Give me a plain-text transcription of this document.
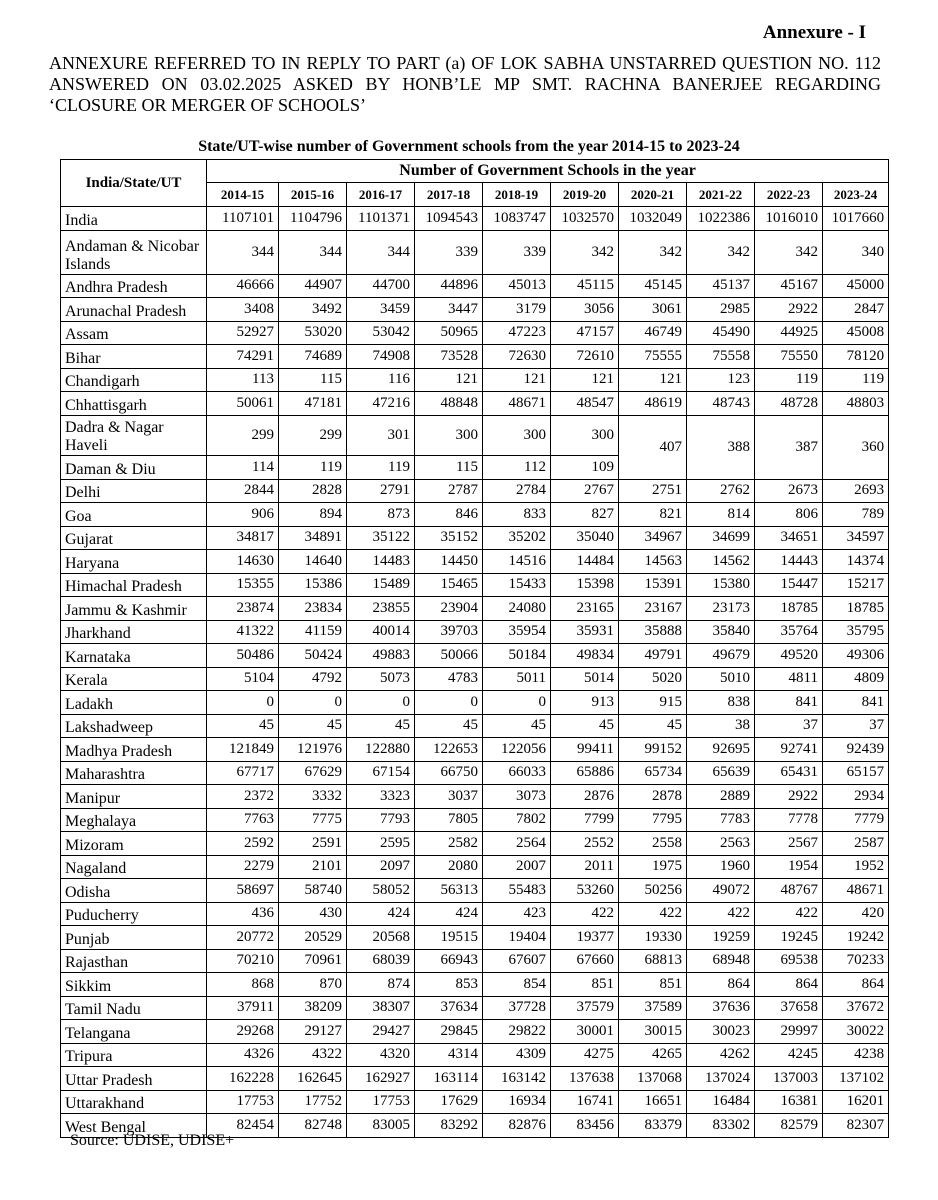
Annexure - I
ANNEXURE REFERRED TO IN REPLY TO PART (a) OF LOK SABHA UNSTARRED QUESTION NO. 112 ANSWERED ON 03.02.2025 ASKED BY HONB’LE MP SMT. RACHNA BANERJEE REGARDING ‘CLOSURE OR MERGER OF SCHOOLS’
State/UT-wise number of Government schools from the year 2014-15 to 2023-24
India/State/UT	Number of Government Schools in the year									
	2014-15	2015-16	2016-17	2017-18	2018-19	2019-20	2020-21	2021-22	2022-23	2023-24
India	1107101	1104796	1101371	1094543	1083747	1032570	1032049	1022386	1016010	1017660
Andaman & Nicobar Islands	344	344	344	339	339	342	342	342	342	340
Andhra Pradesh	46666	44907	44700	44896	45013	45115	45145	45137	45167	45000
Arunachal Pradesh	3408	3492	3459	3447	3179	3056	3061	2985	2922	2847
Assam	52927	53020	53042	50965	47223	47157	46749	45490	44925	45008
Bihar	74291	74689	74908	73528	72630	72610	75555	75558	75550	78120
Chandigarh	113	115	116	121	121	121	121	123	119	119
Chhattisgarh	50061	47181	47216	48848	48671	48547	48619	48743	48728	48803
Dadra & Nagar Haveli	299	299	301	300	300	300	407	388	387	360
Daman & Diu	114	119	119	115	112	109				
Delhi	2844	2828	2791	2787	2784	2767	2751	2762	2673	2693
Goa	906	894	873	846	833	827	821	814	806	789
Gujarat	34817	34891	35122	35152	35202	35040	34967	34699	34651	34597
Haryana	14630	14640	14483	14450	14516	14484	14563	14562	14443	14374
Himachal Pradesh	15355	15386	15489	15465	15433	15398	15391	15380	15447	15217
Jammu & Kashmir	23874	23834	23855	23904	24080	23165	23167	23173	18785	18785
Jharkhand	41322	41159	40014	39703	35954	35931	35888	35840	35764	35795
Karnataka	50486	50424	49883	50066	50184	49834	49791	49679	49520	49306
Kerala	5104	4792	5073	4783	5011	5014	5020	5010	4811	4809
Ladakh	0	0	0	0	0	913	915	838	841	841
Lakshadweep	45	45	45	45	45	45	45	38	37	37
Madhya Pradesh	121849	121976	122880	122653	122056	99411	99152	92695	92741	92439
Maharashtra	67717	67629	67154	66750	66033	65886	65734	65639	65431	65157
Manipur	2372	3332	3323	3037	3073	2876	2878	2889	2922	2934
Meghalaya	7763	7775	7793	7805	7802	7799	7795	7783	7778	7779
Mizoram	2592	2591	2595	2582	2564	2552	2558	2563	2567	2587
Nagaland	2279	2101	2097	2080	2007	2011	1975	1960	1954	1952
Odisha	58697	58740	58052	56313	55483	53260	50256	49072	48767	48671
Puducherry	436	430	424	424	423	422	422	422	422	420
Punjab	20772	20529	20568	19515	19404	19377	19330	19259	19245	19242
Rajasthan	70210	70961	68039	66943	67607	67660	68813	68948	69538	70233
Sikkim	868	870	874	853	854	851	851	864	864	864
Tamil Nadu	37911	38209	38307	37634	37728	37579	37589	37636	37658	37672
Telangana	29268	29127	29427	29845	29822	30001	30015	30023	29997	30022
Tripura	4326	4322	4320	4314	4309	4275	4265	4262	4245	4238
Uttar Pradesh	162228	162645	162927	163114	163142	137638	137068	137024	137003	137102
Uttarakhand	17753	17752	17753	17629	16934	16741	16651	16484	16381	16201
West Bengal	82454	82748	83005	83292	82876	83456	83379	83302	82579	82307
Source: UDISE, UDISE+
